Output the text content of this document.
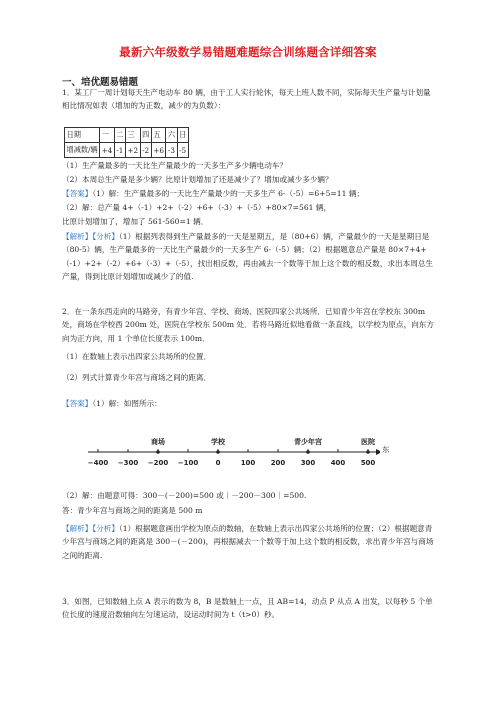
最新六年级数学易错题难题综合训练题含详细答案
一、培优题易错题
1．某工厂一周计划每天生产电动车 80 辆，由于工人实行轮休，每天上班人数不同，实际每天生产量与计划量相比情况如表（增加的为正数，减少的为负数）：
日期	一	二	三	四	五	六	日
增减数/辆	+4	-1	+2	-2	+6	-3	-5
（1）生产量最多的一天比生产量最少的一天多生产多少辆电动车？
（2）本周总生产量是多少辆？比原计划增加了还是减少了？增加或减少多少辆？
【答案】（1）解：生产量最多的一天比生产量最少的一天多生产 6-（-5）=6+5=11 辆；
（2）解：总产量 4+（-1）+2+（-2）+6+（-3）+（-5）+80×7=561 辆，
比原计划增加了，增加了 561-560=1 辆．
【解析】【分析】（1）根据列表得到生产量最多的一天是星期五，是（80+6）辆，产量最少的一天是星期日是（80-5）辆，生产量最多的一天比生产量最少的一天多生产 6-（-5）辆；（2）根据题意总产量是 80×7+4+（-1）+2+（-2）+6+（-3）+（-5），找出相反数，再由减去一个数等于加上这个数的相反数，求出本周总生产量，得到比原计划增加或减少了的值.
2．在一条东西走向的马路旁，有青少年宫、学校、商场、医院四家公共场所．已知青少年宫在学校东 300m 处，商场在学校西 200m 处，医院在学校东 500m 处．若将马路近似地看做一条直线，以学校为原点，向东方向为正方向，用 1 个单位长度表示 100m．
（1）在数轴上表示出四家公共场所的位置．
（2）列式计算青少年宫与商场之间的距离．
【答案】（1）解：如图所示：
商场	学校	青少年宫	医院
−400 −300 −200 −100 0	100 200 300 400 500
东
（2）解：由题意可得：300－(－200)=500 或｜－200－300｜=500.
答：青少年宫与商场之间的距离是 500 m
【解析】【分析】（1）根据题意画出学校为原点的数轴，在数轴上表示出四家公共场所的位置；（2）根据题意青少年宫与商场之间的距离是 300－(－200)，再根据减去一个数等于加上这个数的相反数，求出青少年宫与商场之间的距离.
3．如图，已知数轴上点 A 表示的数为 8，B 是数轴上一点，且 AB=14，动点 P 从点 A 出发，以每秒 5 个单位长度的速度沿数轴向左匀速运动，设运动时间为 t（t>0）秒。
